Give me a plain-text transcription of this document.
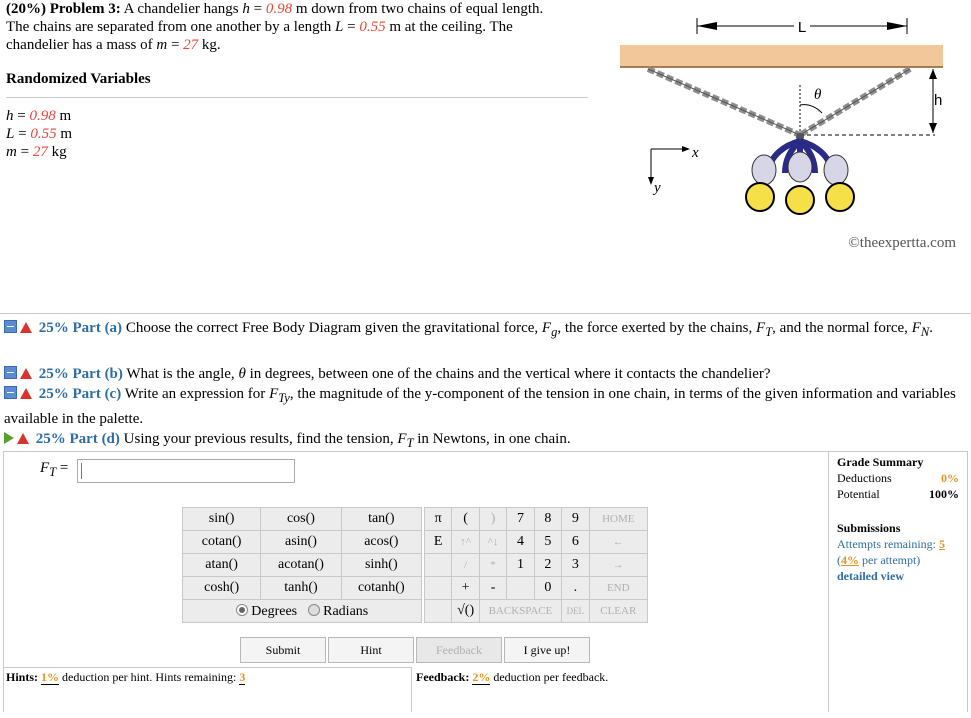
(20%) Problem 3: A chandelier hangs h = 0.98 m down from two chains of equal length.
The chains are separated from one another by a length L = 0.55 m at the ceiling. The
chandelier has a mass of m = 27 kg.
Randomized Variables
h = 0.98 m
L = 0.55 m
m = 27 kg
L
θ	h
x
y
©theexpertta.com
25% Part (a) Choose the correct Free Body Diagram given the gravitational force, $F_g$, the force exerted by the chains, $F_T$, and the normal force, $F_N$.
25% Part (b) What is the angle, θ in degrees, between one of the chains and the vertical where it contacts the chandelier?
25% Part (c) Write an expression for $F_{Ty}$, the magnitude of the y-component of the tension in one chain, in terms of the given information and variables available in the palette.
25% Part (d) Using your previous results, find the tension, $F_T$ in Newtons, in one chain.
$F_T$ =
sin()	cos()	tan()
cotan()	asin()	acos()
atan()	acotan()	sinh()
cosh()	tanh()	cotanh()

Degrees Radians		
π	(	)	7	8	9	HOME
E	↑^	^↓	4	5	6	←
	/	*	1	2	3	→
	+	-		0	.	END
	√()	BACKSPACE			DEL	CLEAR
Submit	Hint	Feedback	I give up!
Hints: 1% deduction per hint. Hints remaining: 3	Feedback: 2% deduction per feedback.
Grade Summary
Deductions	0%
Potential	100%
Submissions
Attempts remaining: 5
(4% per attempt)
detailed view
